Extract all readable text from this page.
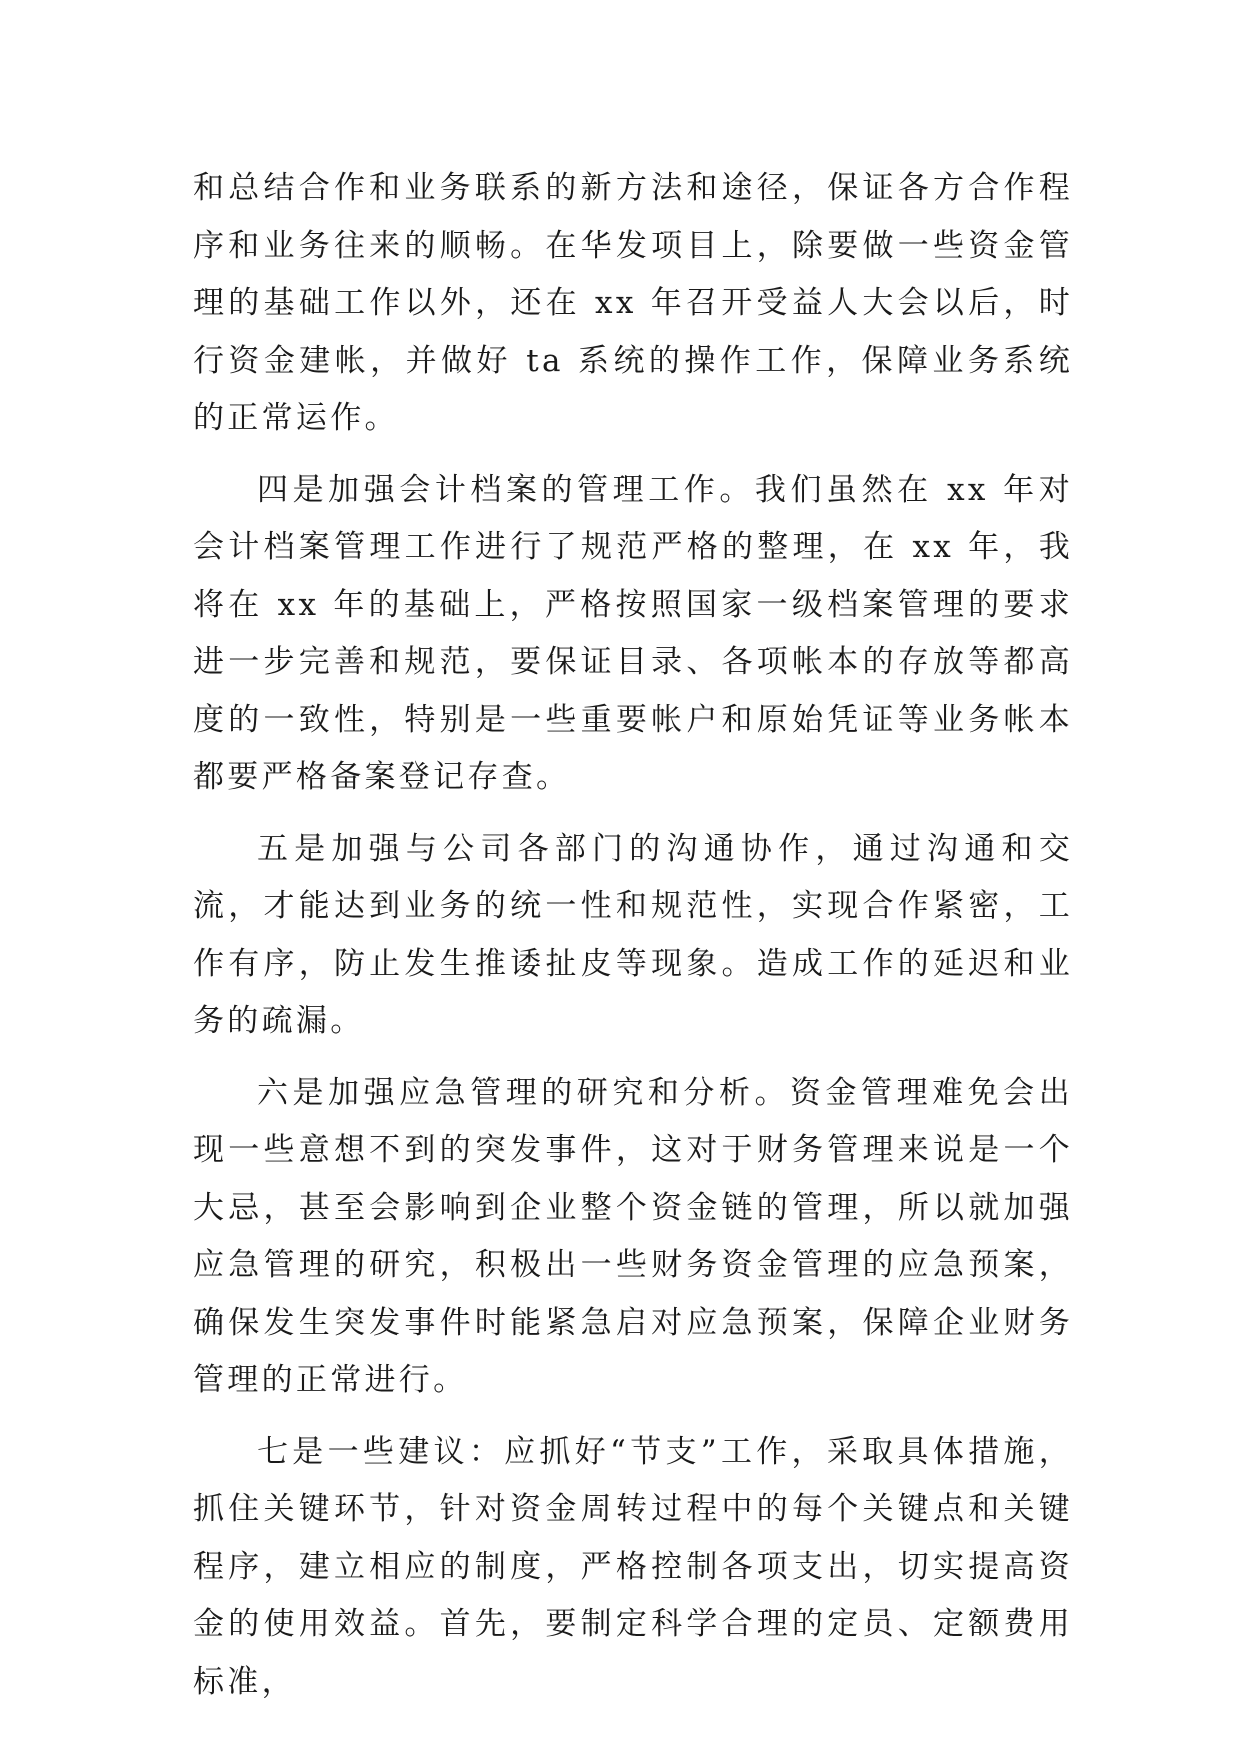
和总结合作和业务联系的新方法和途径，保证各方合作程序和业务往来的顺畅。在华发项目上，除要做一些资金管理的基础工作以外，还在 xx 年召开受益人大会以后，时行资金建帐，并做好 ta 系统的操作工作，保障业务系统的正常运作。

四是加强会计档案的管理工作。我们虽然在 xx 年对会计档案管理工作进行了规范严格的整理，在 xx 年，我将在 xx 年的基础上，严格按照国家一级档案管理的要求进一步完善和规范，要保证目录、各项帐本的存放等都高度的一致性，特别是一些重要帐户和原始凭证等业务帐本都要严格备案登记存查。

五是加强与公司各部门的沟通协作，通过沟通和交流，才能达到业务的统一性和规范性，实现合作紧密，工作有序，防止发生推诿扯皮等现象。造成工作的延迟和业务的疏漏。

六是加强应急管理的研究和分析。资金管理难免会出现一些意想不到的突发事件，这对于财务管理来说是一个大忌，甚至会影响到企业整个资金链的管理，所以就加强应急管理的研究，积极出一些财务资金管理的应急预案，确保发生突发事件时能紧急启对应急预案，保障企业财务管理的正常进行。

七是一些建议：应抓好“节支”工作，采取具体措施，抓住关键环节，针对资金周转过程中的每个关键点和关键程序，建立相应的制度，严格控制各项支出，切实提高资金的使用效益。首先，要制定科学合理的定员、定额费用标准，
